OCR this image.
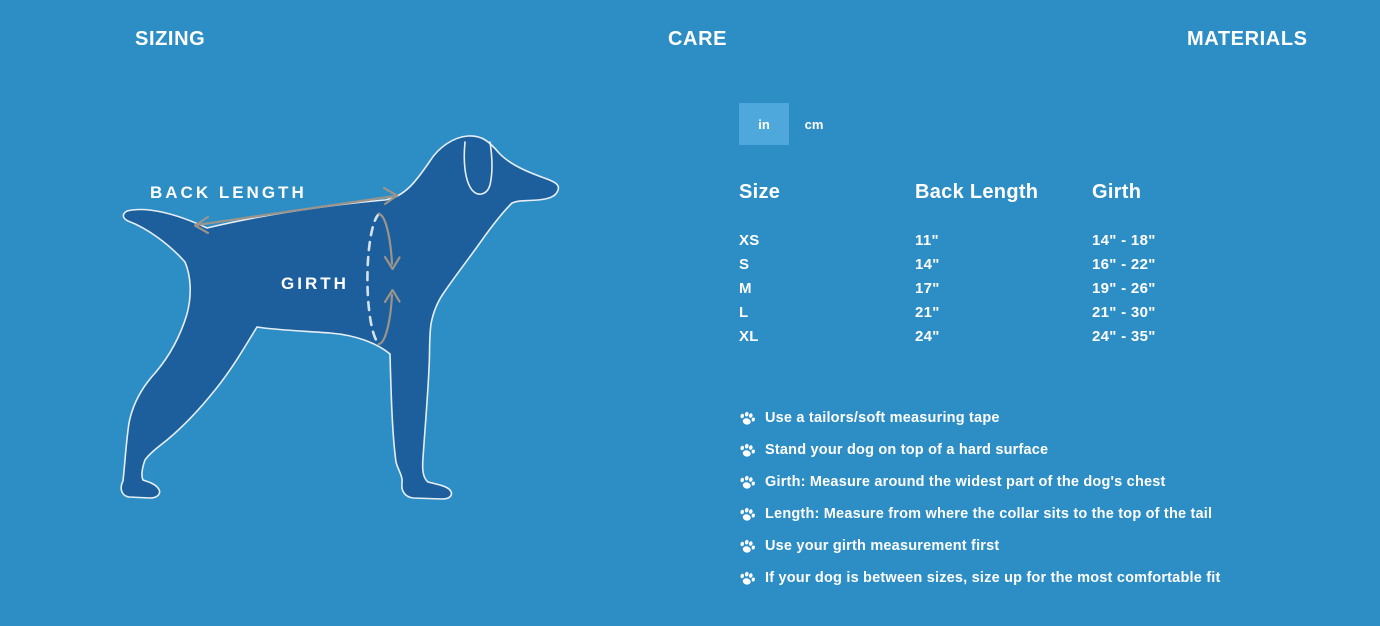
SIZING	CARE	MATERIALS
BACK LENGTH
GIRTH
in	cm
Size	Back Length	Girth
XS	11"	14" - 18"
S	14"	16" - 22"
M	17"	19" - 26"
L	21"	21" - 30"
XL	24"	24" - 35"
Use a tailors/soft measuring tape
Stand your dog on top of a hard surface
Girth: Measure around the widest part of the dog's chest
Length: Measure from where the collar sits to the top of the tail
Use your girth measurement first
If your dog is between sizes, size up for the most comfortable fit
